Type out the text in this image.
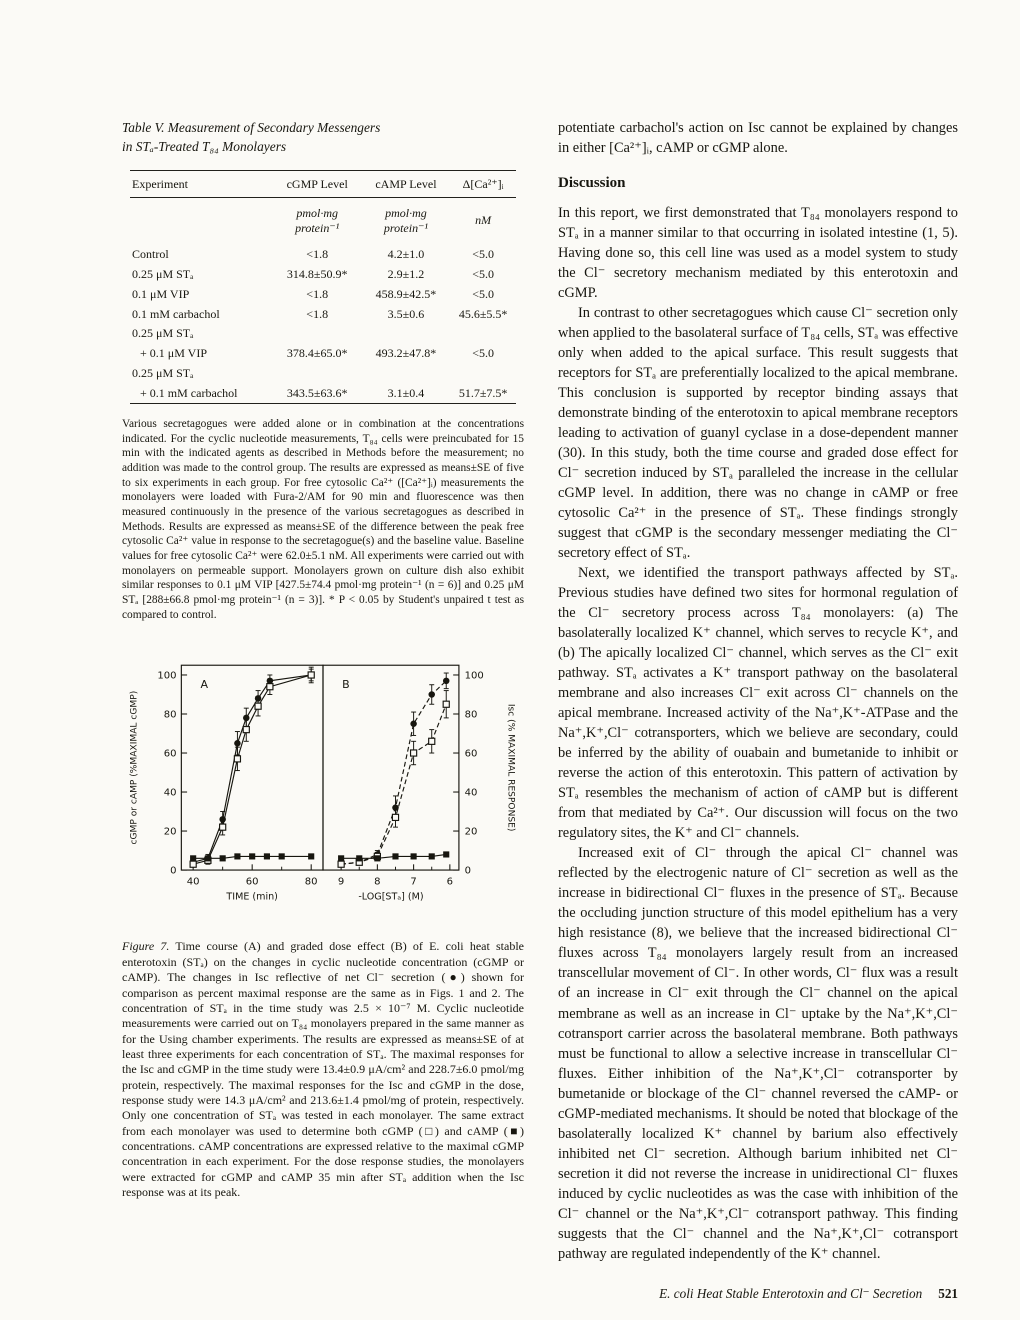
Table V. Measurement of Secondary Messengers
in STₐ-Treated T₈₄ Monolayers
Experiment	cGMP Level	cAMP Level	Δ[Ca²⁺]ᵢ
	pmol·mg protein⁻¹	pmol·mg protein⁻¹	nM
Control	<1.8	4.2±1.0	<5.0
0.25 μM STₐ	314.8±50.9*	2.9±1.2	<5.0
0.1 μM VIP	<1.8	458.9±42.5*	<5.0
0.1 mM carbachol	<1.8	3.5±0.6	45.6±5.5*
0.25 μM STₐ			
+ 0.1 μM VIP	378.4±65.0*	493.2±47.8*	<5.0
0.25 μM STₐ			
+ 0.1 mM carbachol	343.5±63.6*	3.1±0.4	51.7±7.5*
Various secretagogues were added alone or in combination at the concentrations indicated. For the cyclic nucleotide measurements, T₈₄ cells were preincubated for 15 min with the indicated agents as described in Methods before the measurement; no addition was made to the control group. The results are expressed as means±SE of five to six experiments in each group. For free cytosolic Ca²⁺ ([Ca²⁺]ᵢ) measurements the monolayers were loaded with Fura-2/AM for 90 min and fluorescence was then measured continuously in the presence of the various secretagogues as described in Methods. Results are expressed as means±SE of the difference between the peak free cytosolic Ca²⁺ value in response to the secretagogue(s) and the baseline value. Baseline values for free cytosolic Ca²⁺ were 62.0±5.1 nM. All experiments were carried out with monolayers on permeable support. Monolayers grown on culture dish also exhibit similar responses to 0.1 μM VIP [427.5±74.4 pmol·mg protein⁻¹ (n = 6)] and 0.25 μM STₐ [288±66.8 pmol·mg protein⁻¹ (n = 3)]. * P < 0.05 by Student's unpaired t test as compared to control.
40	60	80
A
TIME (min)
9	8	7	6
B
-LOG[STₐ] (M)
0	0
20	20
40	40
60	60
80	80
100	100
cGMP or cAMP (%MAXIMAL cGMP)	Isc (% MAXIMAL RESPONSE)

Figure 7. Time course (A) and graded dose effect (B) of E. coli heat stable enterotoxin (STₐ) on the changes in cyclic nucleotide concentration (cGMP or cAMP). The changes in Isc reflective of net Cl⁻ secretion (●) shown for comparison as percent maximal response are the same as in Figs. 1 and 2. The concentration of STₐ in the time study was 2.5 × 10⁻⁷ M. Cyclic nucleotide measurements were carried out on T₈₄ monolayers prepared in the same manner as for the Using chamber experiments. The results are expressed as means±SE of at least three experiments for each concentration of STₐ. The maximal responses for the Isc and cGMP in the time study were 13.4±0.9 μA/cm² and 228.7±6.0 pmol/mg protein, respectively. The maximal responses for the Isc and cGMP in the dose, response study were 14.3 μA/cm² and 213.6±1.4 pmol/mg of protein, respectively. Only one concentration of STₐ was tested in each monolayer. The same extract from each monolayer was used to determine both cGMP (□) and cAMP (■) concentrations. cAMP concentrations are expressed relative to the maximal cGMP concentration in each experiment. For the dose response studies, the monolayers were extracted for cGMP and cAMP 35 min after STₐ addition when the Isc response was at its peak.

potentiate carbachol's action on Isc cannot be explained by changes in either [Ca²⁺]ᵢ, cAMP or cGMP alone.

Discussion

In this report, we first demonstrated that T₈₄ monolayers respond to STₐ in a manner similar to that occurring in isolated intestine (1, 5). Having done so, this cell line was used as a model system to study the Cl⁻ secretory mechanism mediated by this enterotoxin and cGMP.

In contrast to other secretagogues which cause Cl⁻ secretion only when applied to the basolateral surface of T₈₄ cells, STₐ was effective only when added to the apical surface. This result suggests that receptors for STₐ are preferentially localized to the apical membrane. This conclusion is supported by receptor binding assays that demonstrate binding of the enterotoxin to apical membrane receptors leading to activation of guanyl cyclase in a dose-dependent manner (30). In this study, both the time course and graded dose effect for Cl⁻ secretion induced by STₐ paralleled the increase in the cellular cGMP level. In addition, there was no change in cAMP or free cytosolic Ca²⁺ in the presence of STₐ. These findings strongly suggest that cGMP is the secondary messenger mediating the Cl⁻ secretory effect of STₐ.

Next, we identified the transport pathways affected by STₐ. Previous studies have defined two sites for hormonal regulation of the Cl⁻ secretory process across T₈₄ monolayers: (a) The basolaterally localized K⁺ channel, which serves to recycle K⁺, and (b) The apically localized Cl⁻ channel, which serves as the Cl⁻ exit pathway. STₐ activates a K⁺ transport pathway on the basolateral membrane and also increases Cl⁻ exit across Cl⁻ channels on the apical membrane. Increased activity of the Na⁺,K⁺-ATPase and the Na⁺,K⁺,Cl⁻ cotransporters, which we believe are secondary, could be inferred by the ability of ouabain and bumetanide to inhibit or reverse the action of this enterotoxin. This pattern of activation by STₐ resembles the mechanism of action of cAMP but is different from that mediated by Ca²⁺. Our discussion will focus on the two regulatory sites, the K⁺ and Cl⁻ channels.

Increased exit of Cl⁻ through the apical Cl⁻ channel was reflected by the electrogenic nature of Cl⁻ secretion as well as the increase in bidirectional Cl⁻ fluxes in the presence of STₐ. Because the occluding junction structure of this model epithelium has a very high resistance (8), we believe that the increased bidirectional Cl⁻ fluxes across T₈₄ monolayers largely result from an increased transcellular movement of Cl⁻. In other words, Cl⁻ flux was a result of an increase in Cl⁻ exit through the Cl⁻ channel on the apical membrane as well as an increase in Cl⁻ uptake by the Na⁺,K⁺,Cl⁻ cotransport carrier across the basolateral membrane. Both pathways must be functional to allow a selective increase in transcellular Cl⁻ fluxes. Either inhibition of the Na⁺,K⁺,Cl⁻ cotransporter by bumetanide or blockage of the Cl⁻ channel reversed the cAMP- or cGMP-mediated mechanisms. It should be noted that blockage of the basolaterally localized K⁺ channel by barium also effectively inhibited net Cl⁻ secretion. Although barium inhibited net Cl⁻ secretion it did not reverse the increase in unidirectional Cl⁻ fluxes induced by cyclic nucleotides as was the case with inhibition of the Cl⁻ channel or the Na⁺,K⁺,Cl⁻ cotransport pathway. This finding suggests that the Cl⁻ channel and the Na⁺,K⁺,Cl⁻ cotransport pathway are regulated independently of the K⁺ channel.

E. coli Heat Stable Enterotoxin and Cl⁻ Secretion 521
